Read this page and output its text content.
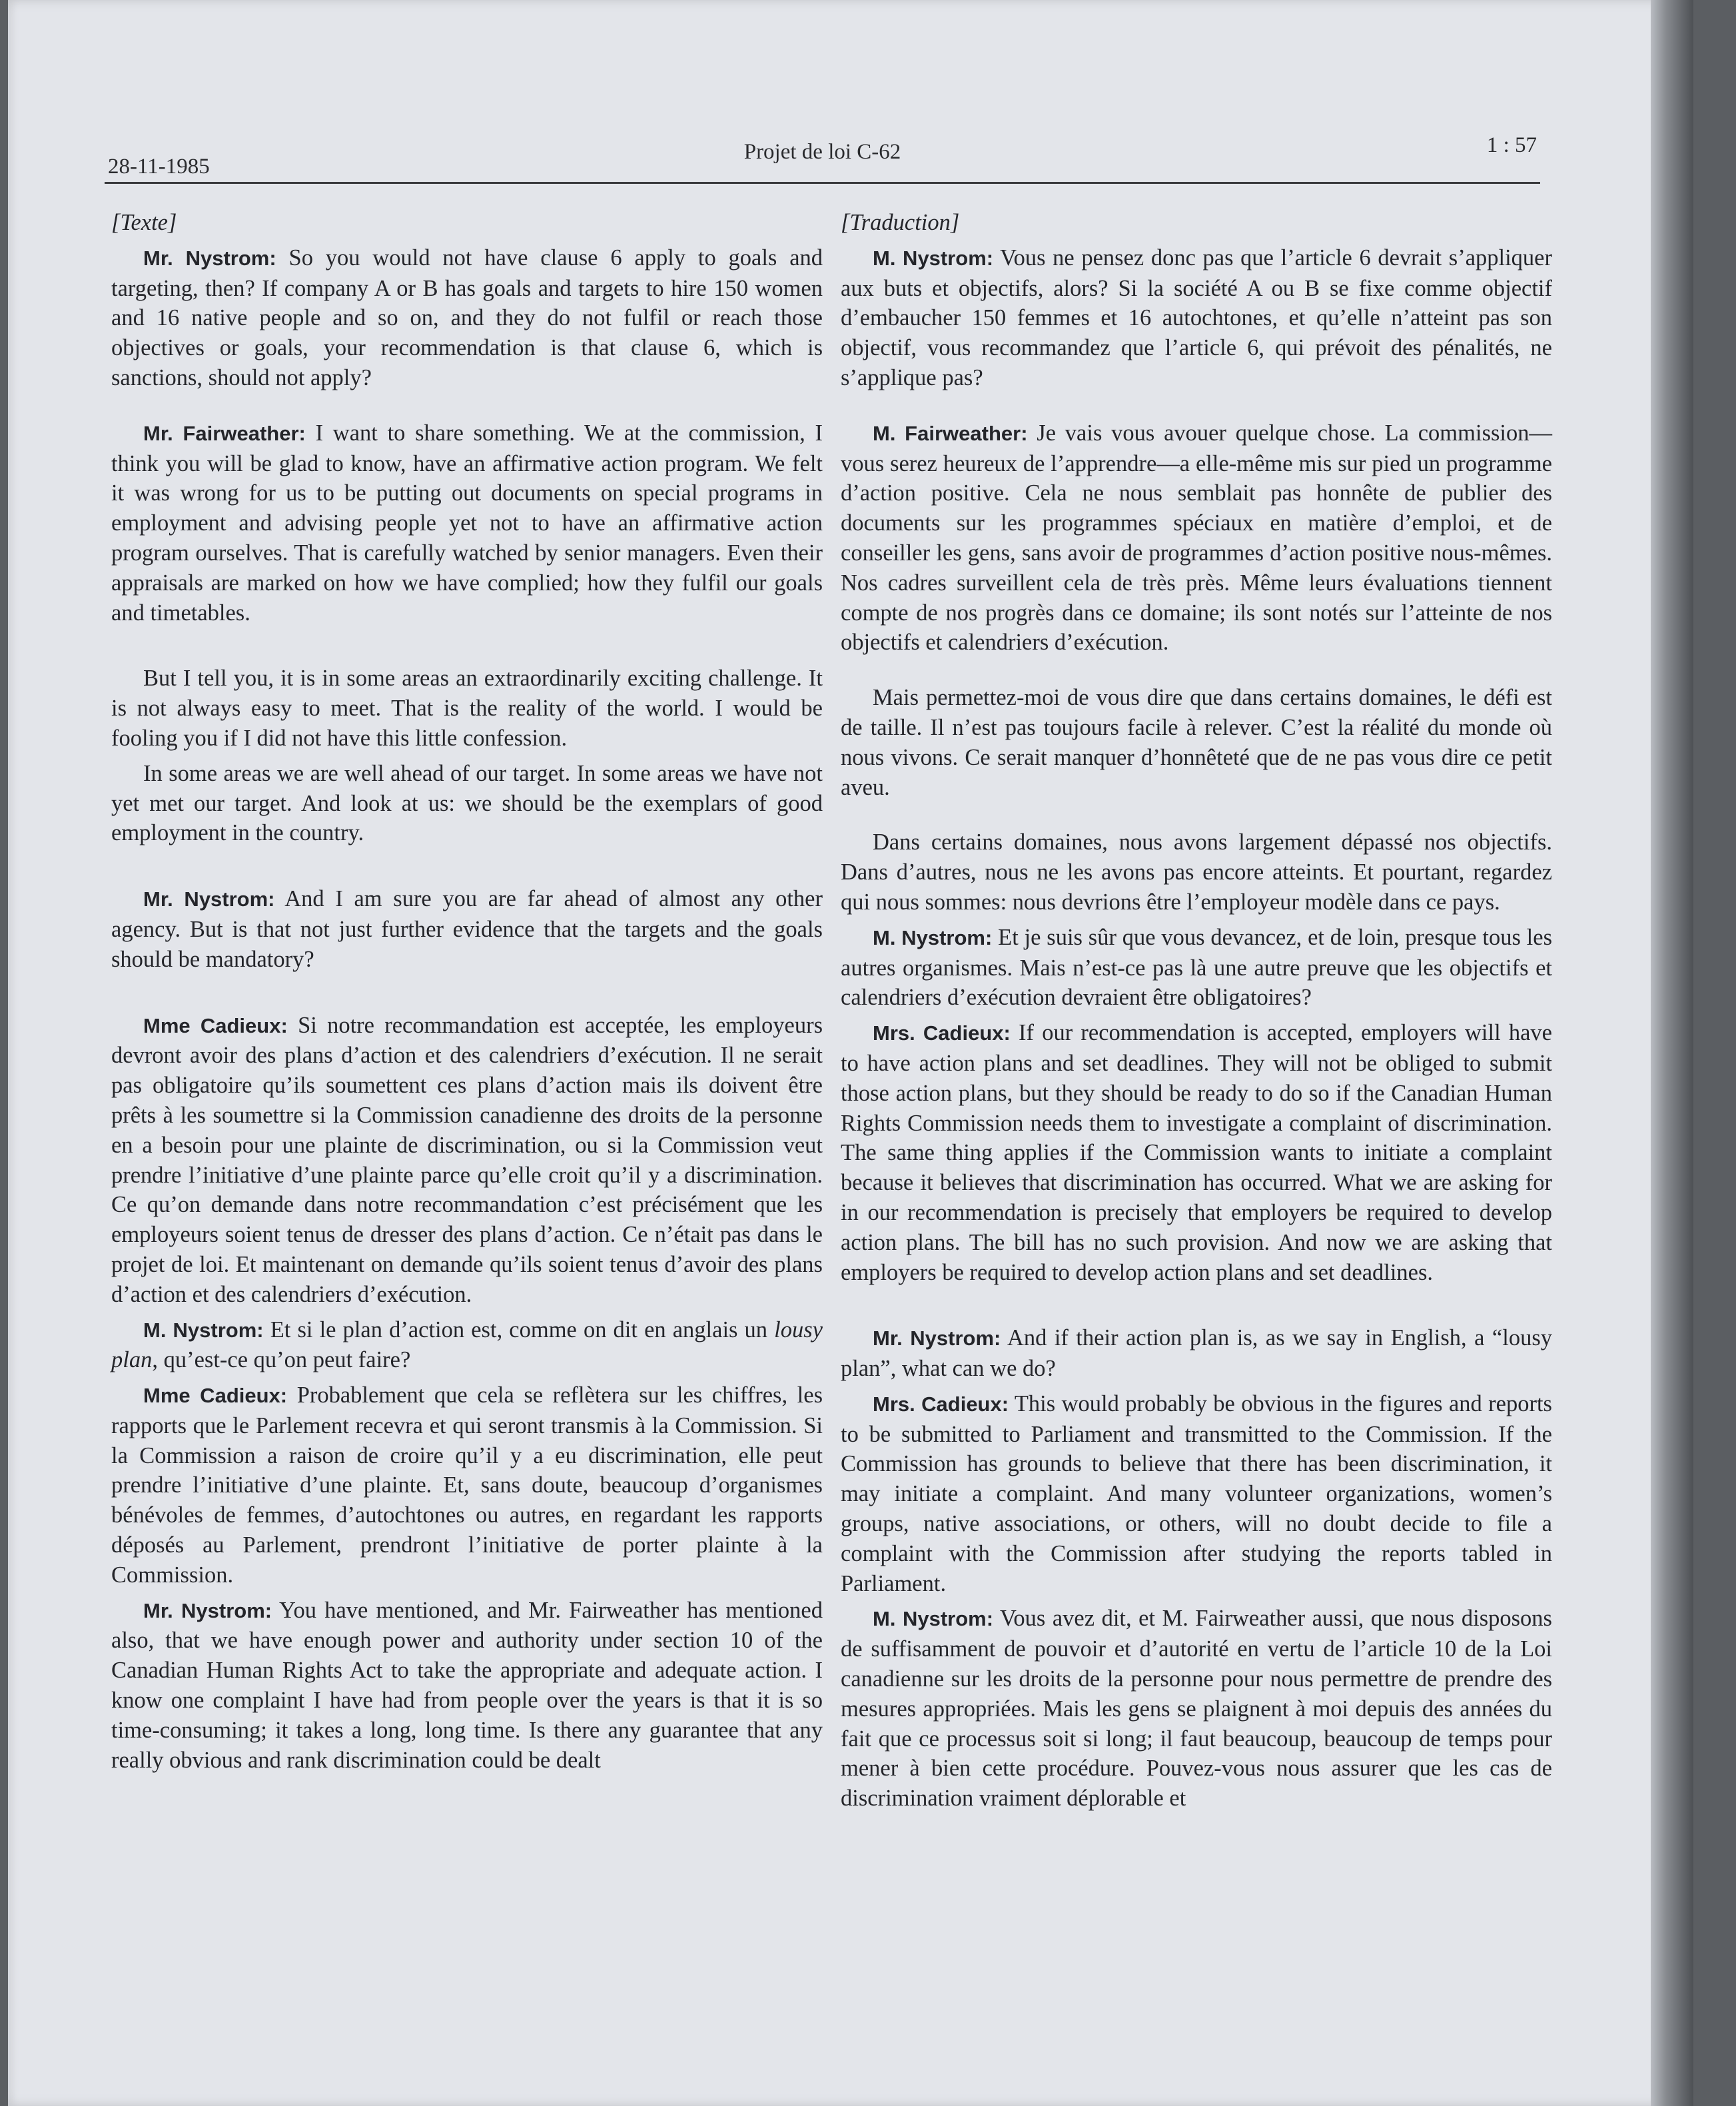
28-11-1985
Projet de loi C-62	1 : 57

[Texte]

Mr. Nystrom: So you would not have clause 6 apply to goals and targeting, then? If company A or B has goals and targets to hire 150 women and 16 native people and so on, and they do not fulfil or reach those objectives or goals, your recommendation is that clause 6, which is sanctions, should not apply?

Mr. Fairweather: I want to share something. We at the commission, I think you will be glad to know, have an affirmative action program. We felt it was wrong for us to be putting out documents on special programs in employment and advising people yet not to have an affirmative action program ourselves. That is carefully watched by senior managers. Even their appraisals are marked on how we have complied; how they fulfil our goals and timetables.

But I tell you, it is in some areas an extraordinarily exciting challenge. It is not always easy to meet. That is the reality of the world. I would be fooling you if I did not have this little confession.

In some areas we are well ahead of our target. In some areas we have not yet met our target. And look at us: we should be the exemplars of good employment in the country.

Mr. Nystrom: And I am sure you are far ahead of almost any other agency. But is that not just further evidence that the targets and the goals should be mandatory?

Mme Cadieux: Si notre recommandation est acceptée, les employeurs devront avoir des plans d’action et des calendriers d’exécution. Il ne serait pas obligatoire qu’ils soumettent ces plans d’action mais ils doivent être prêts à les soumettre si la Commission canadienne des droits de la personne en a besoin pour une plainte de discrimination, ou si la Commission veut prendre l’initiative d’une plainte parce qu’elle croit qu’il y a discrimination. Ce qu’on demande dans notre recommandation c’est précisément que les employeurs soient tenus de dresser des plans d’action. Ce n’était pas dans le projet de loi. Et maintenant on demande qu’ils soient tenus d’avoir des plans d’action et des calendriers d’exécution.

M. Nystrom: Et si le plan d’action est, comme on dit en anglais un lousy plan, qu’est-ce qu’on peut faire?

Mme Cadieux: Probablement que cela se reflètera sur les chiffres, les rapports que le Parlement recevra et qui seront transmis à la Commission. Si la Commission a raison de croire qu’il y a eu discrimination, elle peut prendre l’initiative d’une plainte. Et, sans doute, beaucoup d’organismes bénévoles de femmes, d’autochtones ou autres, en regardant les rapports déposés au Parlement, prendront l’initiative de porter plainte à la Commission.

Mr. Nystrom: You have mentioned, and Mr. Fairweather has mentioned also, that we have enough power and authority under section 10 of the Canadian Human Rights Act to take the appropriate and adequate action. I know one complaint I have had from people over the years is that it is so time-consuming; it takes a long, long time. Is there any guarantee that any really obvious and rank discrimination could be dealt

[Traduction]

M. Nystrom: Vous ne pensez donc pas que l’article 6 devrait s’appliquer aux buts et objectifs, alors? Si la société A ou B se fixe comme objectif d’embaucher 150 femmes et 16 autochtones, et qu’elle n’atteint pas son objectif, vous recommandez que l’article 6, qui prévoit des pénalités, ne s’applique pas?

M. Fairweather: Je vais vous avouer quelque chose. La commission—vous serez heureux de l’apprendre—a elle-même mis sur pied un programme d’action positive. Cela ne nous semblait pas honnête de publier des documents sur les programmes spéciaux en matière d’emploi, et de conseiller les gens, sans avoir de programmes d’action positive nous-mêmes. Nos cadres surveillent cela de très près. Même leurs évaluations tiennent compte de nos progrès dans ce domaine; ils sont notés sur l’atteinte de nos objectifs et calendriers d’exécution.

Mais permettez-moi de vous dire que dans certains domaines, le défi est de taille. Il n’est pas toujours facile à relever. C’est la réalité du monde où nous vivons. Ce serait manquer d’honnêteté que de ne pas vous dire ce petit aveu.

Dans certains domaines, nous avons largement dépassé nos objectifs. Dans d’autres, nous ne les avons pas encore atteints. Et pourtant, regardez qui nous sommes: nous devrions être l’employeur modèle dans ce pays.

M. Nystrom: Et je suis sûr que vous devancez, et de loin, presque tous les autres organismes. Mais n’est-ce pas là une autre preuve que les objectifs et calendriers d’exécution devraient être obligatoires?

Mrs. Cadieux: If our recommendation is accepted, employers will have to have action plans and set deadlines. They will not be obliged to submit those action plans, but they should be ready to do so if the Canadian Human Rights Commission needs them to investigate a complaint of discrimination. The same thing applies if the Commission wants to initiate a complaint because it believes that discrimination has occurred. What we are asking for in our recommendation is precisely that employers be required to develop action plans. The bill has no such provision. And now we are asking that employers be required to develop action plans and set deadlines.

Mr. Nystrom: And if their action plan is, as we say in English, a “lousy plan”, what can we do?

Mrs. Cadieux: This would probably be obvious in the figures and reports to be submitted to Parliament and transmitted to the Commission. If the Commission has grounds to believe that there has been discrimination, it may initiate a complaint. And many volunteer organizations, women’s groups, native associations, or others, will no doubt decide to file a complaint with the Commission after studying the reports tabled in Parliament.

M. Nystrom: Vous avez dit, et M. Fairweather aussi, que nous disposons de suffisamment de pouvoir et d’autorité en vertu de l’article 10 de la Loi canadienne sur les droits de la personne pour nous permettre de prendre des mesures appropriées. Mais les gens se plaignent à moi depuis des années du fait que ce processus soit si long; il faut beaucoup, beaucoup de temps pour mener à bien cette procédure. Pouvez-vous nous assurer que les cas de discrimination vraiment déplorable et
